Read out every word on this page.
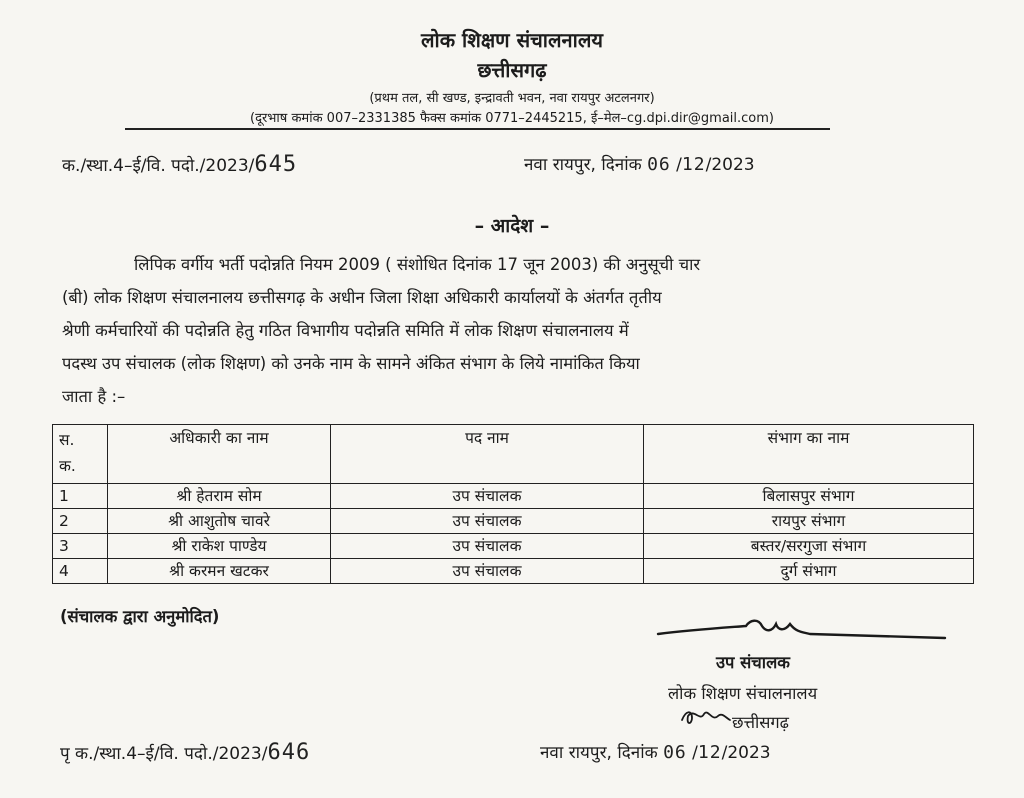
लोक शिक्षण संचालनालय
छत्तीसगढ़
(प्रथम तल, सी खण्ड, इन्द्रावती भवन, नवा रायपुर अटलनगर)
(दूरभाष कमांक 007–2331385 फैक्स कमांक 0771–2445215, ई–मेल–cg.dpi.dir@gmail.com)
क./स्था.4–ई/वि. पदो./2023/645	नवा रायपुर, दिनांक 06 /12/2023
– आदेश –
लिपिक वर्गीय भर्ती पदोन्नति नियम 2009 ( संशोधित दिनांक 17 जून 2003) की अनुसूची चार
(बी) लोक शिक्षण संचालनालय छत्तीसगढ़ के अधीन जिला शिक्षा अधिकारी कार्यालयों के अंतर्गत तृतीय
श्रेणी कर्मचारियों की पदोन्नति हेतु गठित विभागीय पदोन्नति समिति में लोक शिक्षण संचालनालय में
पदस्थ उप संचालक (लोक शिक्षण) को उनके नाम के सामने अंकित संभाग के लिये नामांकित किया
जाता है :–
स.
क.	अधिकारी का नाम	पद नाम	संभाग का नाम
1	श्री हेतराम सोम	उप संचालक	बिलासपुर संभाग
2	श्री आशुतोष चावरे	उप संचालक	रायपुर संभाग
3	श्री राकेश पाण्डेय	उप संचालक	बस्तर/सरगुजा संभाग
4	श्री करमन खटकर	उप संचालक	दुर्ग संभाग
(संचालक द्वारा अनुमोदित)
उप संचालक
लोक शिक्षण संचालनालय
छत्तीसगढ़
पृ क./स्था.4–ई/वि. पदो./2023/646	नवा रायपुर, दिनांक 06 /12/2023
